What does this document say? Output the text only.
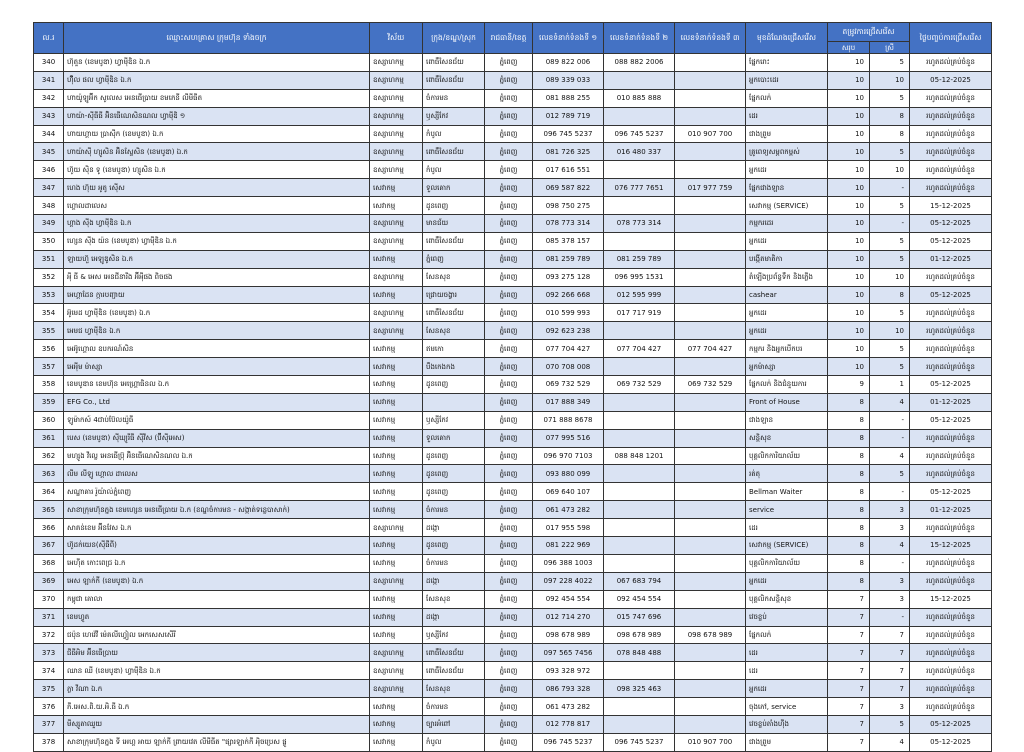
ល.រ	ឈ្មោះសហគ្រាស ក្រុមហ៊ុន ទាំងចក្រ	វិស័យ	ក្រុង/ខណ្ឌ/ស្រុក	រាជធានី/ខេត្ត	លេខទំនាក់ទំនងទី ១	លេខទំនាក់ទំនងទី ២	លេខទំនាក់ទំនងទី ៣	មុខដំណែងជ្រើសរើស	តម្រូវការជ្រើសរើស		ថ្ងៃបញ្ចប់ការជ្រើសរើស
									សរុប	ស្រី	
340	ហ៊ុតួន (ខេមបូឌា) ហ្វាមុីឌិន ឯ.ក	ឧស្សាហកម្ម	ពោធិ៍សែនជ័យ	ភ្នំពេញ	089 822 006	088 882 2006		ផ្នែករោះ	10	5	រហូតដល់គ្រប់ចំនួន
341	ហ៊ុឺល ផល ហ្វាមុីឌិន ឯ.ក	ឧស្សាហកម្ម	ពោធិ៍សែនជ័យ	ភ្នំពេញ	089 339 033			អ្នកបោះដេរ	10	10	05-12-2025
342	ហាយ៉ូឡូអ៊ីក សូលេស អេនធើប្រាយ ខមភេនី លីមីធីត	ឧស្សាហកម្ម	ចំការមន	ភ្នំពេញ	081 888 255	010 885 888		ផ្នែកលក់	10	5	រហូតដល់គ្រប់ចំនួន
343	ហាយ៉ា-ស៊ីធីធី អ៊ិនធើណេសិនណល ហ្វាមុីឌិ ១	ឧស្សាហកម្ម	ឫស្សីកែវ	ភ្នំពេញ	012 789 719			ដេរ	10	8	រហូតដល់គ្រប់ចំនួន
344	ហាយហ្គាយ ប្រាស៊ីក (ខេមបូឌា) ឯ.ក	ឧស្សាហកម្ម	កំបូល	ភ្នំពេញ	096 745 5237	096 745 5237	010 907 700	ជាងព្រួម	10	8	រហូតដល់គ្រប់ចំនួន
345	ហាយ៉ាស៊ី ហ្សូសិន អ៊ិនស្ទែសិន (ខេមបូឌា) ឯ.ក	ឧស្សាហកម្ម	ពោធិ៍សែនជ័យ	ភ្នំពេញ	081 726 325	016 480 337		គ្រូពេទ្យសម្ភពកម្ពស់	10	5	រហូតដល់គ្រប់ចំនួន
346	ហ៊ូយ ស៊ិន ទូ (ខេមបូឌា) ហ្សូសិន ឯ.ក	ឧស្សាហកម្ម	កំបូល	ភ្នំពេញ	017 616 551			អ្នកដេរ	10	10	រហូតដល់គ្រប់ចំនួន
347	ហេង ហ៊ុយ អូតូ ស៊ើស	សេវាកម្ម	ទួលគោក	ភ្នំពេញ	069 587 822	076 777 7651	017 977 759	ផ្នែកជាងឡាន	10	-	រហូតដល់គ្រប់ចំនួន
348	ហ្គោលដាលេស	សេវាកម្ម	ដូនពេញ	ភ្នំពេញ	098 750 275			សេវាកម្ម (SERVICE)	10	5	15-12-2025
349	ហ្គាង ស៊ីង ហ្វាមុីឌិន ឯ.ក	ឧស្សាហកម្ម	មានជ័យ	ភ្នំពេញ	078 773 314	078 773 314		កម្មករដេរ	10	-	05-12-2025
350	ហ្សេន ស៊ីង យ៉ន (ខេមបូឌា) ហ្វាមុីឌិន ឯ.ក	ឧស្សាហកម្ម	ពោធិ៍សែនជ័យ	ភ្នំពេញ	085 378 157			អ្នកដេរ	10	5	05-12-2025
351	ឡាយហ៊ួ អេឡូឌូសិន ឯ.ក	សេវាកម្ម	ភ្នំពេញ	ភ្នំពេញ	081 259 789	081 259 789		បង្កើតមាតិកា	10	5	01-12-2025
352	អុី ធី & អេស អេនជីនារីង អ៊ីអុីផង ពិចផង	ឧស្សាហកម្ម	សែនសុខ	ភ្នំពេញ	093 275 128	096 995 1531		តំឡើងប្រព័ន្ធទឹក និងភ្លើង	10	10	រហូតដល់គ្រប់ចំនួន
353	អេហ្គាដែន ក្ការបញ្ជាយ	សេវាកម្ម	ជ្រោយចង្វារ	ភ្នំពេញ	092 266 668	012 595 999		cashear	10	8	05-12-2025
354	អ៊ូមេដ ហ្វាមុីឌិន (ខេមបូឌា) ឯ.ក	ឧស្សាហកម្ម	ពោធិ៍សែនជ័យ	ភ្នំពេញ	010 599 993	017 717 919		អ្នកដេរ	10	5	រហូតដល់គ្រប់ចំនួន
355	អេមជ ហ្វាមុីឌិន ឯ.ក	ឧស្សាហកម្ម	សែនសុខ	ភ្នំពេញ	092 623 238			អ្នកដេរ	10	10	រហូតដល់គ្រប់ចំនួន
356	អេអ៊ូហ្គោល ឧបករណ៍សិន	សេវាកម្ម	ឥមកោ	ភ្នំពេញ	077 704 427	077 704 427	077 704 427	កម្មករ និងអ្នកបើកបរ	10	5	រហូតដល់គ្រប់ចំនួន
357	អេអុីម ម៉ាស្សា	សេវាកម្ម	បឹងកេងកង	ភ្នំពេញ	070 708 008			អ្នកម៉ាស្សា	10	5	រហូតដល់គ្រប់ចំនួន
358	ខេមបូឌាន ខេមហ៊ុន អេហ្គ្រោធិនល ឯ.ក	សេវាកម្ម	ដូនពេញ	ភ្នំពេញ	069 732 529	069 732 529	069 732 529	ផ្នែកលក់ និងជំនួយការ	9	1	05-12-2025
359	EFG Co., Ltd	សេវាកម្ម		ភ្នំពេញ	017 888 349			Front of House	8	4	01-12-2025
360	ឡូម៉ាកស៍ 4ជាប់ប៊ែលយ៉ូធី	សេវាកម្ម	ឫស្សីកែវ	ភ្នំពេញ	071 888 8678			ជាងឡាន	8	-	05-12-2025
361	បេស (ខេមបូឌា) ស៊ីឃ្យូរីធី ស៊ីវីស (ប៊ីស៊ីអេស)	សេវាកម្ម	ទួលគោក	ភ្នំពេញ	077 995 516			សន្តិសុខ	8	-	រហូតដល់គ្រប់ចំនួន
362	មហ្សូង វីល្លេ អេនធើប្រ៊ុ អ៊ិនធើណេសិនណល ឯ.ក	សេវាកម្ម	ដូនពេញ	ភ្នំពេញ	096 970 7103	088 848 1201		បុគ្គលិកការិយាល័យ	8	4	រហូតដល់គ្រប់ចំនួន
363	លីម លីឡូ ហ្គោល ដាលេស	សេវាកម្ម	ដូនពេញ	ភ្នំពេញ	093 880 099			រត់តុ	8	5	រហូតដល់គ្រប់ចំនួន
364	សណ្ឋាគារ រ៉ូយ៉ាល់ភ្នំពេញ	សេវាកម្ម	ដូនពេញ	ភ្នំពេញ	069 640 107			Bellman Waiter	8	-	05-12-2025
365	សាខាក្រុមហ៊ុនភ្នង ខេមហ្សេន អេនធើប្រាយ ឯ.ក (ខណ្ឌចំការមន - សង្កាត់ទន្លេបាសាក់)	សេវាកម្ម	ចំការមន	ភ្នំពេញ	061 473 282			service	8	3	01-12-2025
366	សាគន់ខេម អ៊ីនវែស ឯ.ក	ឧស្សាហកម្ម	ដង្កោ	ភ្នំពេញ	017 955 598			ដេរ	8	3	រហូតដល់គ្រប់ចំនួន
367	ហ៊ូដក់យេន(សុីធីពី)	សេវាកម្ម	ដូនពេញ	ភ្នំពេញ	081 222 969			សេវាកម្ម (SERVICE)	8	4	15-12-2025
368	អេហ៊ីត កោះពេជ្រ ឯ.ក	សេវាកម្ម	ចំការមន	ភ្នំពេញ	096 388 1003			បុគ្គលិកការិយាល័យ	8	-	រហូតដល់គ្រប់ចំនួន
369	អេស ឡាក់កី (ខេមបូឌា) ឯ.ក	ឧស្សាហកម្ម	ដង្កោ	ភ្នំពេញ	097 228 4022	067 683 794		អ្នកដេរ	8	3	រហូតដល់គ្រប់ចំនួន
370	កម្ពុជា គោលា	សេវាកម្ម	សែនសុខ	ភ្នំពេញ	092 454 554	092 454 554		បុគ្គលិកសន្តិសុខ	7	3	15-12-2025
371	ខេមហ្វូត	សេវាកម្ម	ដង្កោ	ភ្នំពេញ	012 714 270	015 747 696		វេចខ្ចប់	7	-	រហូតដល់គ្រប់ចំនួន
372	ជប៉ុន ហេវ៉េវី ម៉េគលីហ្វៀល អេកសេសសើរី	សេវាកម្ម	ឫស្សីកែវ	ភ្នំពេញ	098 678 989	098 678 989	098 678 989	ផ្នែកលក់	7	7	រហូតដល់គ្រប់ចំនួន
373	ជីធីអិម អ៊ីនធើប្រាយ	ឧស្សាហកម្ម	ពោធិ៍សែនជ័យ	ភ្នំពេញ	097 565 7456	078 848 488		ដេរ	7	7	រហូតដល់គ្រប់ចំនួន
374	ឈាន ឈី (ខេមបូឌា) ហ្វាមុីឌិន ឯ.ក	ឧស្សាហកម្ម	ពោធិ៍សែនជ័យ	ភ្នំពេញ	093 328 972			ដេរ	7	7	រហូតដល់គ្រប់ចំនួន
375	ភ្លា វីណា ឯ.ក	ឧស្សាហកម្ម	សែនសុខ	ភ្នំពេញ	086 793 328	098 325 463		អ្នកដេរ	7	7	រហូតដល់គ្រប់ចំនួន
376	ភី.អេស.ពិ.យ.អិ.ធី ឯ.ក	សេវាកម្ម	ចំការមន	ភ្នំពេញ	061 473 282			ចុងភៅ, service	7	3	រហូតដល់គ្រប់ចំនួន
377	មីស្សូតាឈួយ	សេវាកម្ម	ច្បារអំពៅ	ភ្នំពេញ	012 778 817			វេចខ្ចប់តាំងហ៊ីង	7	5	05-12-2025
378	សាខាក្រុមហ៊ុនភ្នង ទី អេហ្គ អាយ ឡាក់កី ព្រាយវេត លីមីធីត "ផ្សារឡាក់កី អុិចប្រេស ផ្លូ	សេវាកម្ម	កំបូល	ភ្នំពេញ	096 745 5237	096 745 5237	010 907 700	ជាងព្រួម	7	4	05-12-2025
